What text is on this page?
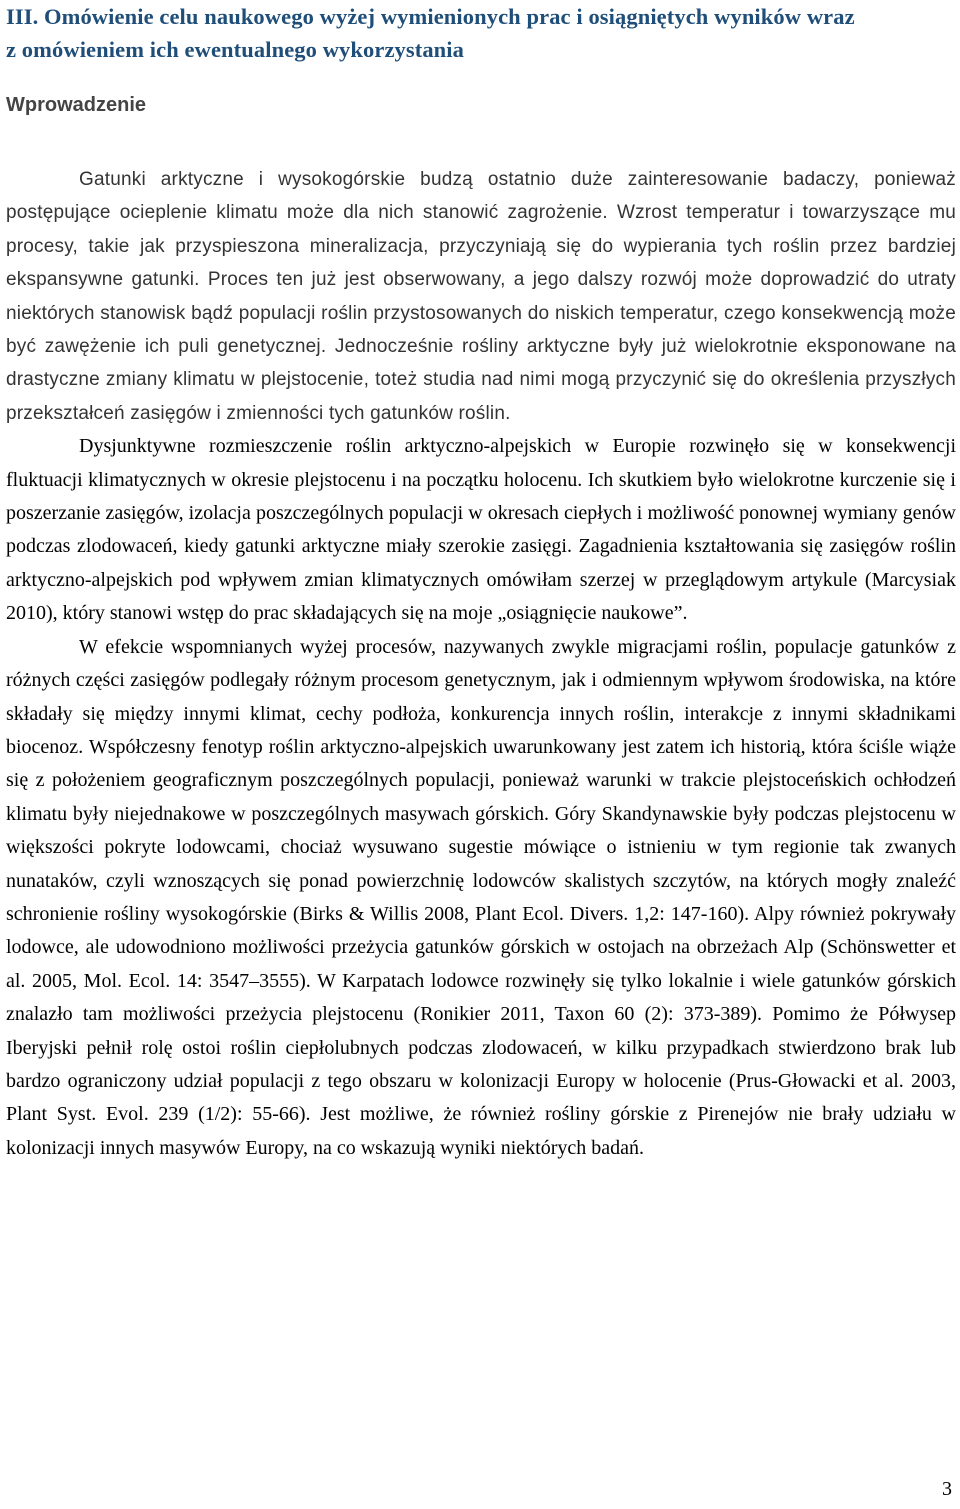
III. Omówienie celu naukowego wyżej wymienionych prac i osiągniętych wyników wraz
z omówieniem ich ewentualnego wykorzystania
Wprowadzenie

Gatunki arktyczne i wysokogórskie budzą ostatnio duże zainteresowanie badaczy, ponieważ postępujące ocieplenie klimatu może dla nich stanowić zagrożenie. Wzrost temperatur i towarzyszące mu procesy, takie jak przyspieszona mineralizacja, przyczyniają się do wypierania tych roślin przez bardziej ekspansywne gatunki. Proces ten już jest obserwowany, a jego dalszy rozwój może doprowadzić do utraty niektórych stanowisk bądź populacji roślin przystosowanych do niskich temperatur, czego konsekwencją może być zawężenie ich puli genetycznej. Jednocześnie rośliny arktyczne były już wielokrotnie eksponowane na drastyczne zmiany klimatu w plejstocenie, toteż studia nad nimi mogą przyczynić się do określenia przyszłych przekształceń zasięgów i zmienności tych gatunków roślin.

Dysjunktywne rozmieszczenie roślin arktyczno-alpejskich w Europie rozwinęło się w konsekwencji fluktuacji klimatycznych w okresie plejstocenu i na początku holocenu. Ich skutkiem było wielokrotne kurczenie się i poszerzanie zasięgów, izolacja poszczególnych populacji w okresach ciepłych i możliwość ponownej wymiany genów podczas zlodowaceń, kiedy gatunki arktyczne miały szerokie zasięgi. Zagadnienia kształtowania się zasięgów roślin arktyczno-alpejskich pod wpływem zmian klimatycznych omówiłam szerzej w przeglądowym artykule (Marcysiak 2010), który stanowi wstęp do prac składających się na moje „osiągnięcie naukowe”.

W efekcie wspomnianych wyżej procesów, nazywanych zwykle migracjami roślin, populacje gatunków z różnych części zasięgów podlegały różnym procesom genetycznym, jak i odmiennym wpływom środowiska, na które składały się między innymi klimat, cechy podłoża, konkurencja innych roślin, interakcje z innymi składnikami biocenoz. Współczesny fenotyp roślin arktyczno-alpejskich uwarunkowany jest zatem ich historią, która ściśle wiąże się z położeniem geograficznym poszczególnych populacji, ponieważ warunki w trakcie plejstoceńskich ochłodzeń klimatu były niejednakowe w poszczególnych masywach górskich. Góry Skandynawskie były podczas plejstocenu w większości pokryte lodowcami, chociaż wysuwano sugestie mówiące o istnieniu w tym regionie tak zwanych nunataków, czyli wznoszących się ponad powierzchnię lodowców skalistych szczytów, na których mogły znaleźć schronienie rośliny wysokogórskie (Birks & Willis 2008, Plant Ecol. Divers. 1,2: 147-160). Alpy również pokrywały lodowce, ale udowodniono możliwości przeżycia gatunków górskich w ostojach na obrzeżach Alp (Schönswetter et al. 2005, Mol. Ecol. 14: 3547–3555). W Karpatach lodowce rozwinęły się tylko lokalnie i wiele gatunków górskich znalazło tam możliwości przeżycia plejstocenu (Ronikier 2011, Taxon 60 (2): 373-389). Pomimo że Półwysep Iberyjski pełnił rolę ostoi roślin ciepłolubnych podczas zlodowaceń, w kilku przypadkach stwierdzono brak lub bardzo ograniczony udział populacji z tego obszaru w kolonizacji Europy w holocenie (Prus-Głowacki et al. 2003, Plant Syst. Evol. 239 (1/2): 55-66). Jest możliwe, że również rośliny górskie z Pirenejów nie brały udziału w kolonizacji innych masywów Europy, na co wskazują wyniki niektórych badań.

3
